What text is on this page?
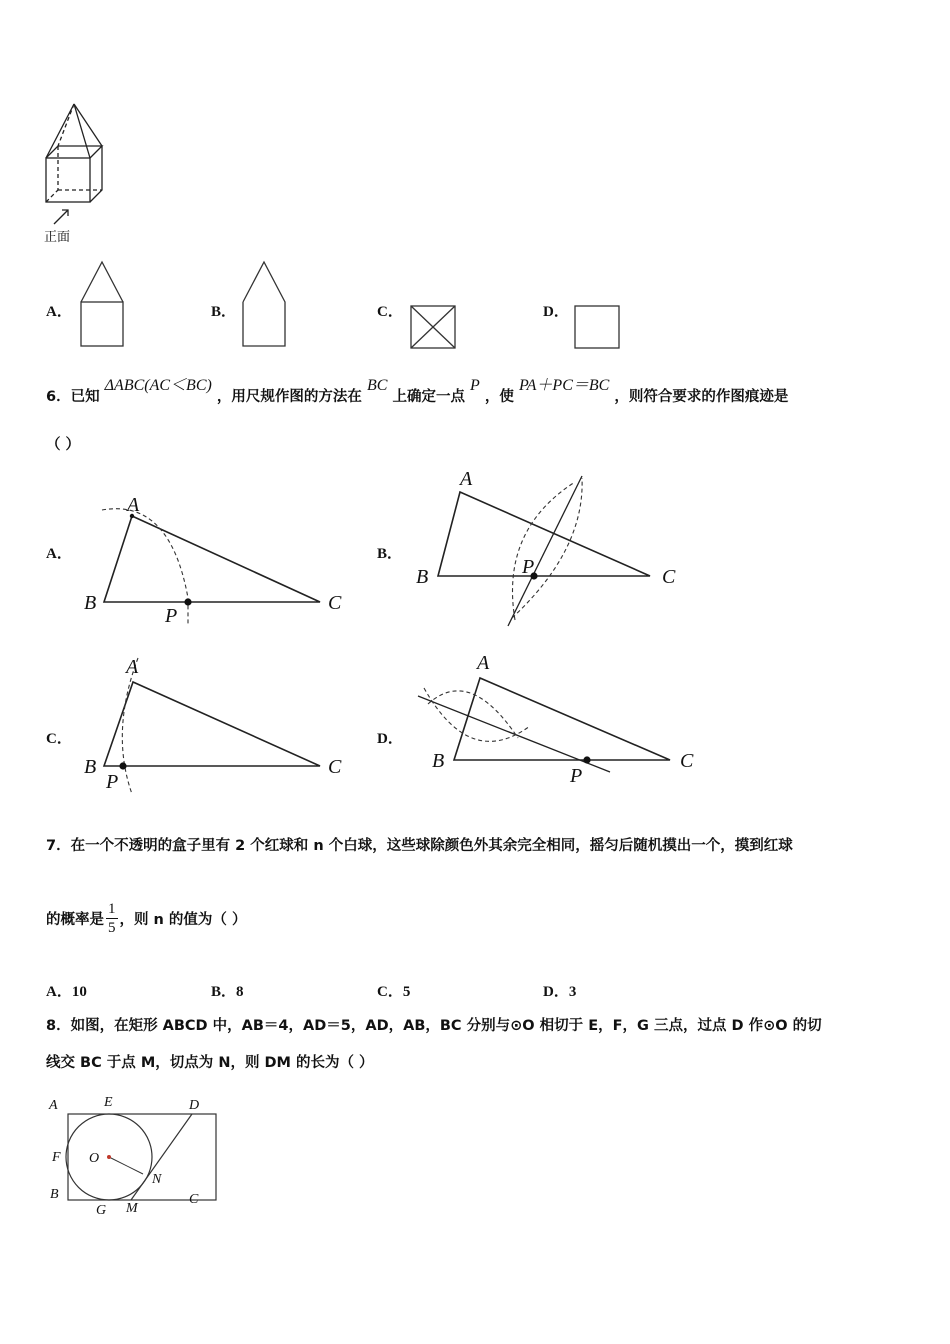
正面
A．	B．	C．	D．
6．已知 ΔABC(AC＜BC) ，用尺规作图的方法在 BC 上确定一点 P ，使 PA＋PC＝BC ，则符合要求的作图痕迹是
（ ）
A．
A
B	C
P
B．
A
B	C
P
C．
A
B	C
P
D．
A
B	C
P
7．在一个不透明的盒子里有 2 个红球和 n 个白球，这些球除颜色外其余完全相同，摇匀后随机摸出一个，摸到红球
的概率是 $\frac{1}{5}$ ，则 n 的值为（ ）
A．10	B．8	C．5	D．3
8．如图，在矩形 ABCD 中，AB＝4，AD＝5，AD，AB，BC 分别与⊙O 相切于 E，F，G 三点，过点 D 作⊙O 的切
线交 BC 于点 M，切点为 N，则 DM 的长为（ ）
A	E	D
F O
B
N
G M
C
